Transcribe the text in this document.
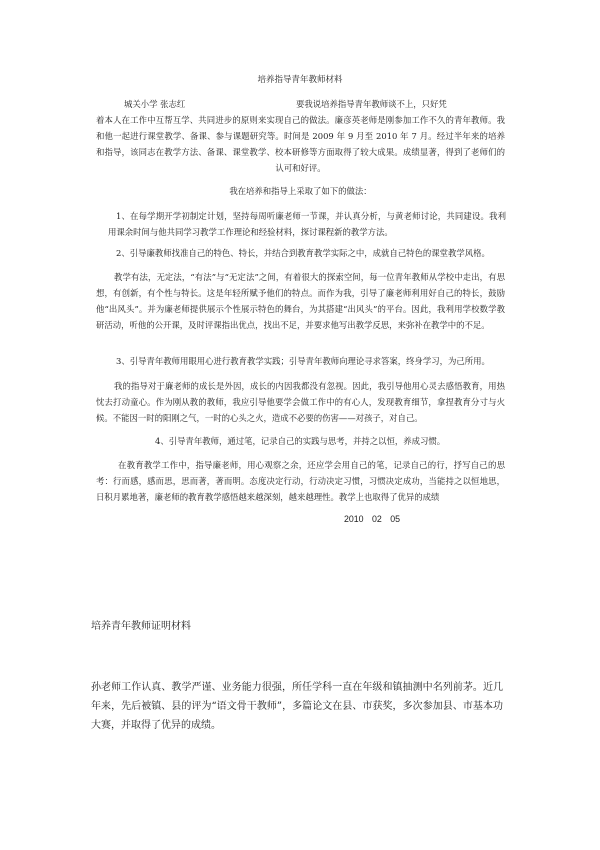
培养指导青年教师材料
城关小学 张志红	要我说培养指导青年教师谈不上，只好凭

着本人在工作中互帮互学、共同进步的原则来实现自己的做法。廉彦英老师是刚参加工作不久的青年教师。我和他一起进行课堂教学、备课、参与课题研究等。时间是 2009 年 9 月至 2010 年 7 月。经过半年来的培养和指导，该同志在教学方法、备课、课堂教学、校本研修等方面取得了较大成果。成绩显著，得到了老师们的认可和好评。

我在培养和指导上采取了如下的做法：

1、在每学期开学初制定计划，坚持每周听廉老师一节课，并认真分析，与黄老师讨论，共同建设。我利用课余时间与他共同学习教学工作理论和经验材料，探讨课程新的教学方法。

2、引导廉教师找准自己的特色、特长，并结合到教育教学实际之中，成就自己特色的课堂教学风格。

教学有法，无定法，“有法”与“无定法”之间，有着很大的探索空间，每一位青年教师从学校中走出，有思想，有创新，有个性与特长。这是年轻所赋予他们的特点。而作为我，引导了廉老师利用好自己的特长，鼓励他“出风头”。并为廉老师提供展示个性展示特色的舞台，为其搭建“出风头”的平台。因此，我利用学校数学教研活动，听他的公开课，及时评课指出优点，找出不足，并要求他写出教学反思，来弥补在教学中的不足。

3、引导青年教师用眼用心进行教育教学实践；引导青年教师向理论寻求答案，终身学习，为己所用。

我的指导对于廉老师的成长是外因，成长的内因我都没有忽视。因此，我引导他用心灵去感悟教育，用热忱去打动童心。作为刚从教的教师，我应引导他要学会做工作中的有心人，发现教育细节，拿捏教育分寸与火候。不能因一时的阳刚之气，一时的心头之火，造成不必要的伤害——对孩子，对自己。

4、引导青年教师，通过笔，记录自己的实践与思考，并持之以恒，养成习惯。

在教育教学工作中，指导廉老师，用心观察之余，还应学会用自己的笔，记录自己的行，抒写自己的思考：行而感，感而思，思而著，著而明。态度决定行动，行动决定习惯，习惯决定成功，当能持之以恒地思，日积月累地著，廉老师的教育教学感悟越来越深刻，越来越理性。教学上也取得了优异的成绩

2010 02 05
培养青年教师证明材料

孙老师工作认真、教学严谨、业务能力很强，所任学科一直在年级和镇抽测中名列前茅。近几年来，先后被镇、县的评为“语文骨干教师”，多篇论文在县、市获奖，多次参加县、市基本功大赛，并取得了优异的成绩。
